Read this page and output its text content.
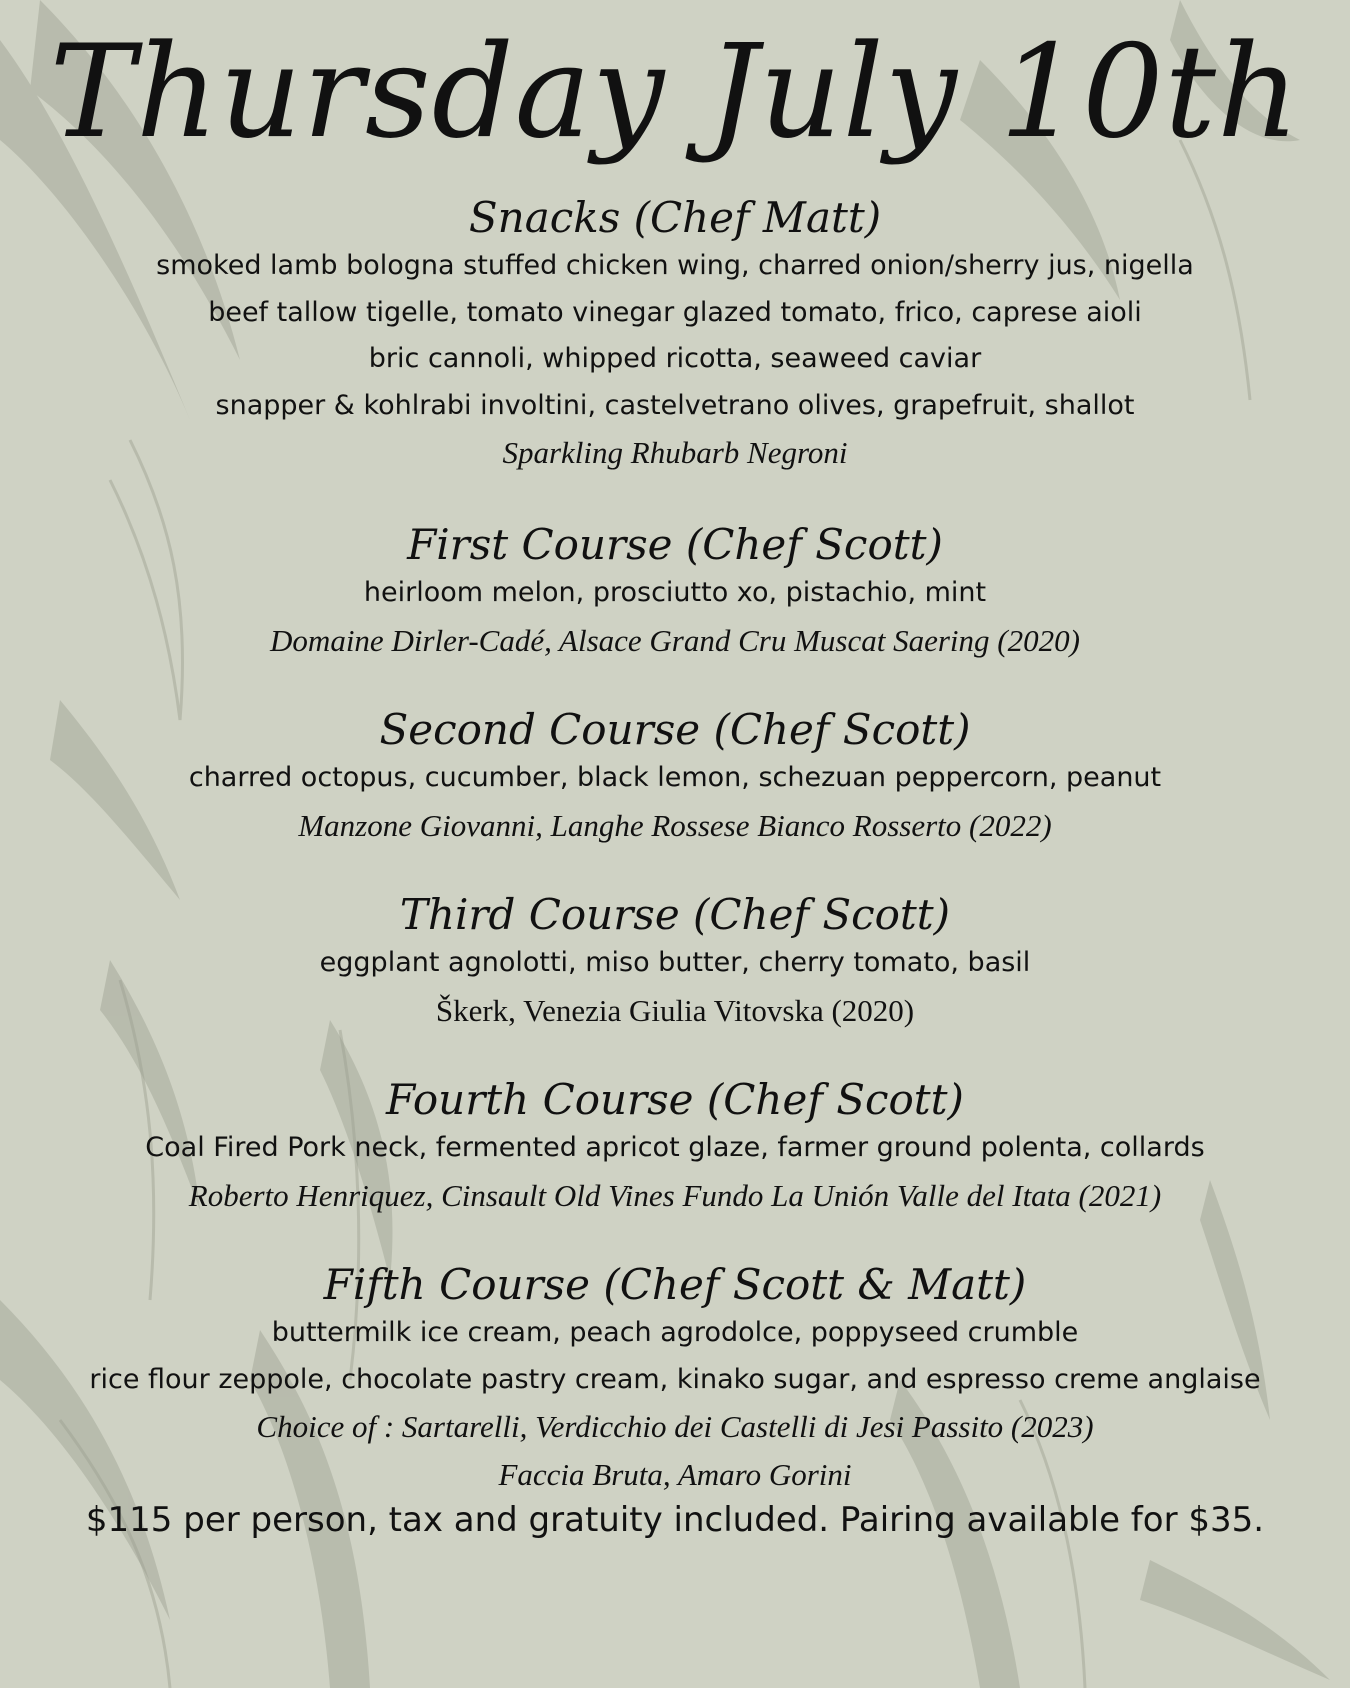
Thursday July 10th

Snacks (Chef Matt)

smoked lamb bologna stuffed chicken wing, charred onion/sherry jus, nigella

beef tallow tigelle, tomato vinegar glazed tomato, frico, caprese aioli

bric cannoli, whipped ricotta, seaweed caviar

snapper & kohlrabi involtini, castelvetrano olives, grapefruit, shallot

Sparkling Rhubarb Negroni

First Course (Chef Scott)

heirloom melon, prosciutto xo, pistachio, mint

Domaine Dirler-Cadé, Alsace Grand Cru Muscat Saering (2020)

Second Course (Chef Scott)

charred octopus, cucumber, black lemon, schezuan peppercorn, peanut

Manzone Giovanni, Langhe Rossese Bianco Rosserto (2022)

Third Course (Chef Scott)

eggplant agnolotti, miso butter, cherry tomato, basil

Škerk, Venezia Giulia Vitovska (2020)

Fourth Course (Chef Scott)

Coal Fired Pork neck, fermented apricot glaze, farmer ground polenta, collards

Roberto Henriquez, Cinsault Old Vines Fundo La Unión Valle del Itata (2021)

Fifth Course (Chef Scott & Matt)

buttermilk ice cream, peach agrodolce, poppyseed crumble

rice flour zeppole, chocolate pastry cream, kinako sugar, and espresso creme anglaise

Choice of : Sartarelli, Verdicchio dei Castelli di Jesi Passito (2023)

Faccia Bruta, Amaro Gorini

$115 per person, tax and gratuity included. Pairing available for $35.
